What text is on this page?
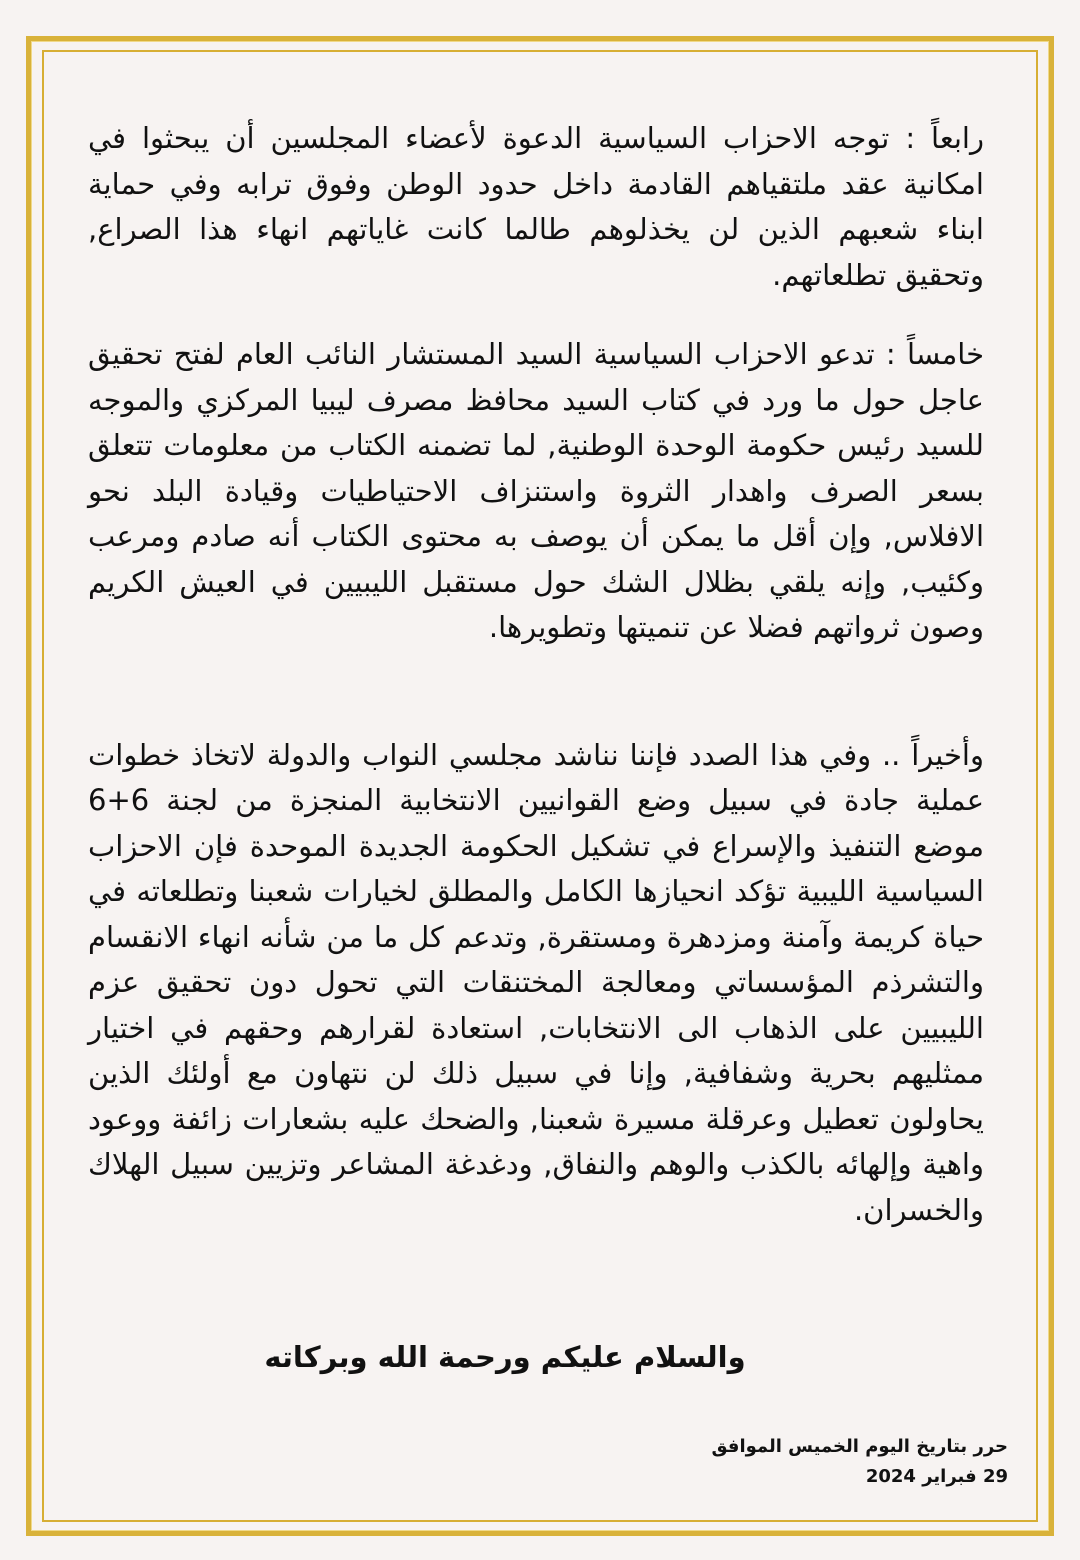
رابعاً : توجه الاحزاب السياسية الدعوة لأعضاء المجلسين أن يبحثوا في امكانية عقد ملتقياهم القادمة داخل حدود الوطن وفوق ترابه وفي حماية ابناء شعبهم الذين لن يخذلوهم طالما كانت غاياتهم انهاء هذا الصراع, وتحقيق تطلعاتهم.

خامساً : تدعو الاحزاب السياسية السيد المستشار النائب العام لفتح تحقيق عاجل حول ما ورد في كتاب السيد محافظ مصرف ليبيا المركزي والموجه للسيد رئيس حكومة الوحدة الوطنية, لما تضمنه الكتاب من معلومات تتعلق بسعر الصرف واهدار الثروة واستنزاف الاحتياطيات وقيادة البلد نحو الافلاس, وإن أقل ما يمكن أن يوصف به محتوى الكتاب أنه صادم ومرعب وكئيب, وإنه يلقي بظلال الشك حول مستقبل الليبيين في العيش الكريم وصون ثرواتهم فضلا عن تنميتها وتطويرها.

وأخيراً .. وفي هذا الصدد فإننا نناشد مجلسي النواب والدولة لاتخاذ خطوات عملية جادة في سبيل وضع القوانيين الانتخابية المنجزة من لجنة 6+6 موضع التنفيذ والإسراع في تشكيل الحكومة الجديدة الموحدة فإن الاحزاب السياسية الليبية تؤكد انحيازها الكامل والمطلق لخيارات شعبنا وتطلعاته في حياة كريمة وآمنة ومزدهرة ومستقرة, وتدعم كل ما من شأنه انهاء الانقسام والتشرذم المؤسساتي ومعالجة المختنقات التي تحول دون تحقيق عزم الليبيين على الذهاب الى الانتخابات, استعادة لقرارهم وحقهم في اختيار ممثليهم بحرية وشفافية, وإنا في سبيل ذلك لن نتهاون مع أولئك الذين يحاولون تعطيل وعرقلة مسيرة شعبنا, والضحك عليه بشعارات زائفة ووعود واهية وإلهائه بالكذب والوهم والنفاق, ودغدغة المشاعر وتزيين سبيل الهلاك والخسران.

والسلام عليكم ورحمة الله وبركاته
حرر بتاريخ اليوم الخميس الموافق
29 فبراير 2024
